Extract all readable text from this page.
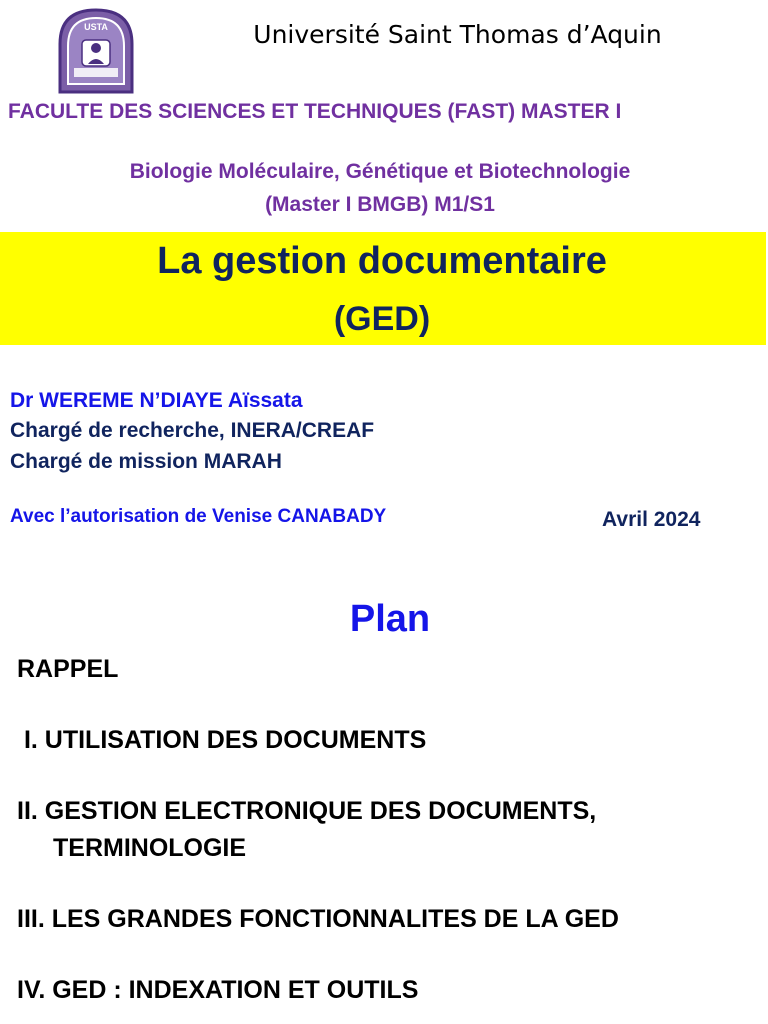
USTA	Université Saint Thomas d’Aquin
FACULTE DES SCIENCES ET TECHNIQUES (FAST) MASTER I
Biologie Moléculaire, Génétique et Biotechnologie
(Master I BMGB) M1/S1
La gestion documentaire
(GED)
Dr WEREME N’DIAYE Aïssata
Chargé de recherche, INERA/CREAF
Chargé de mission MARAH
Avec l’autorisation de Venise CANABADY	Avril 2024
Plan
RAPPEL
I. UTILISATION DES DOCUMENTS
II. GESTION ELECTRONIQUE DES DOCUMENTS,
TERMINOLOGIE
III. LES GRANDES FONCTIONNALITES DE LA GED
IV. GED : INDEXATION ET OUTILS
